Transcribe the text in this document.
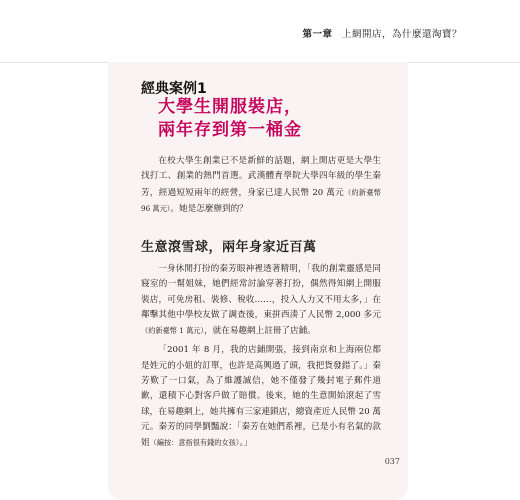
第一章 上網開店，為什麼還淘寶？
經典案例1
大學生開服裝店，
兩年存到第一桶金

在校大學生創業已不是新鮮的話題，網上開店更是大學生找打工、創業的熱門首選。武漢體育學院大學四年級的學生秦芳，經過短短兩年的經營，身家已達人民幣 20 萬元（約新臺幣 96 萬元）。她是怎麼辦到的？

生意滾雪球，兩年身家近百萬

一身休閒打扮的秦芳眼神裡透著精明，「我的創業靈感是同寢室的一幫姐妹，她們經常討論穿著打扮，偶然得知網上開服裝店，可免房租、裝修、稅收……，投入人力又不用太多，」在鄰擊其他中學校友做了調查後，東拼西湊了人民幣 2,000 多元（約新臺幣 1 萬元），就在易趣網上註冊了店鋪。

「2001 年 8 月，我的店鋪開張，接到南京和上海兩位都是姓元的小姐的訂單，也許是高興過了頭，我把貨發錯了。」秦芳歎了一口氣，為了維護誠信，她不僅發了幾封電子郵件道歉，還積下心對客戶做了賠償。後來，她的生意開始滾起了雪球，在易趣網上，她共擁有三家連鎖店，總資產近人民幣 20 萬元。秦芳的同學劉豔說：「秦芳在她們系裡，已是小有名氣的款姐（編按：意指很有錢的女孩）。」

037
